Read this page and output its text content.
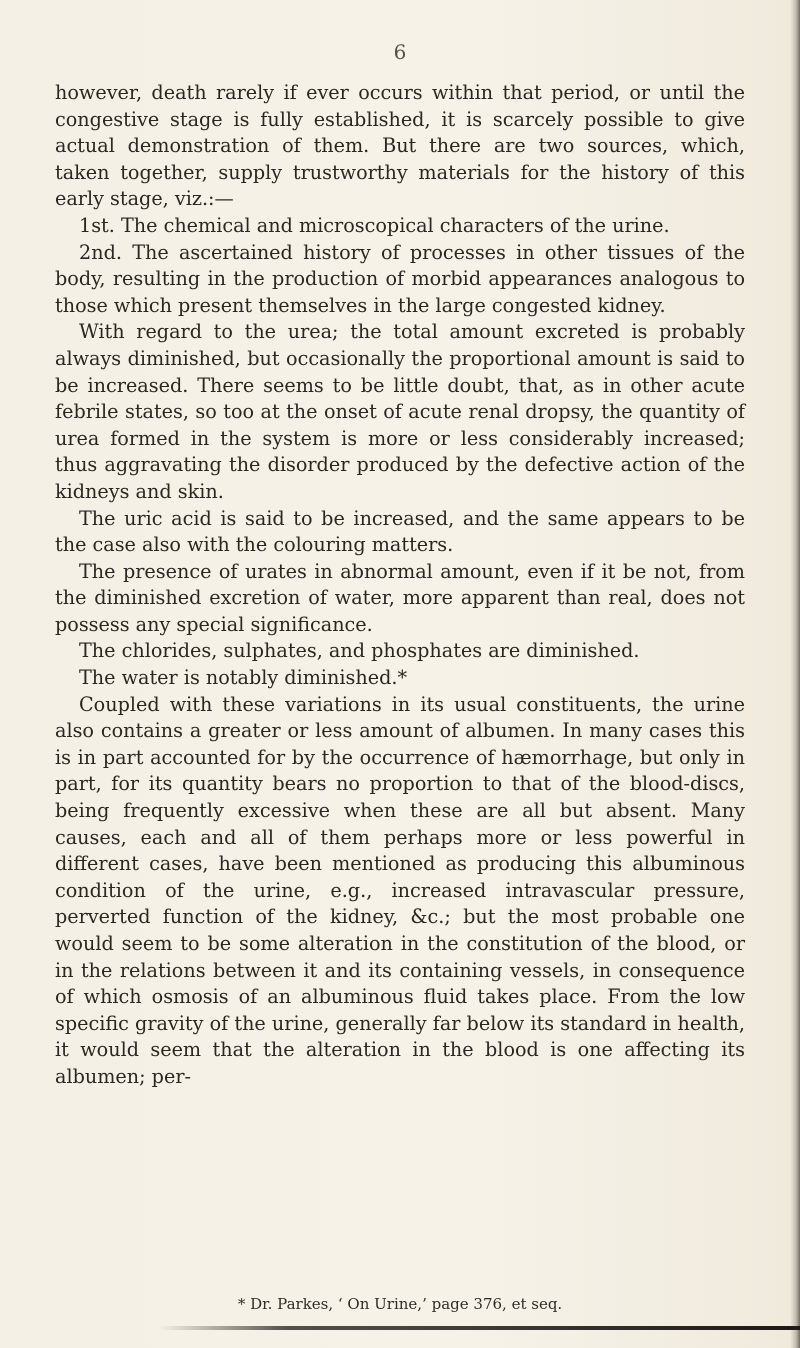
6

however, death rarely if ever occurs within that period, or until the congestive stage is fully established, it is scarcely possible to give actual demonstration of them. But there are two sources, which, taken together, supply trustworthy materials for the history of this early stage, viz.:—

1st. The chemical and microscopical characters of the urine.

2nd. The ascertained history of processes in other tissues of the body, resulting in the production of morbid appearances analogous to those which present themselves in the large congested kidney.

With regard to the urea; the total amount excreted is probably always diminished, but occasionally the proportional amount is said to be increased. There seems to be little doubt, that, as in other acute febrile states, so too at the onset of acute renal dropsy, the quantity of urea formed in the system is more or less considerably increased; thus aggravating the disorder produced by the defective action of the kidneys and skin.

The uric acid is said to be increased, and the same appears to be the case also with the colouring matters.

The presence of urates in abnormal amount, even if it be not, from the diminished excretion of water, more apparent than real, does not possess any special significance.

The chlorides, sulphates, and phosphates are diminished.

The water is notably diminished.*

Coupled with these variations in its usual constituents, the urine also contains a greater or less amount of albumen. In many cases this is in part accounted for by the occurrence of hæmorrhage, but only in part, for its quantity bears no proportion to that of the blood-discs, being frequently excessive when these are all but absent. Many causes, each and all of them perhaps more or less powerful in different cases, have been mentioned as producing this albuminous condition of the urine, e.g., increased intravascular pressure, perverted function of the kidney, &c.; but the most probable one would seem to be some alteration in the constitution of the blood, or in the relations between it and its containing vessels, in consequence of which osmosis of an albuminous fluid takes place. From the low specific gravity of the urine, generally far below its standard in health, it would seem that the alteration in the blood is one affecting its albumen; per-

* Dr. Parkes, ‘ On Urine,’ page 376, et seq.
